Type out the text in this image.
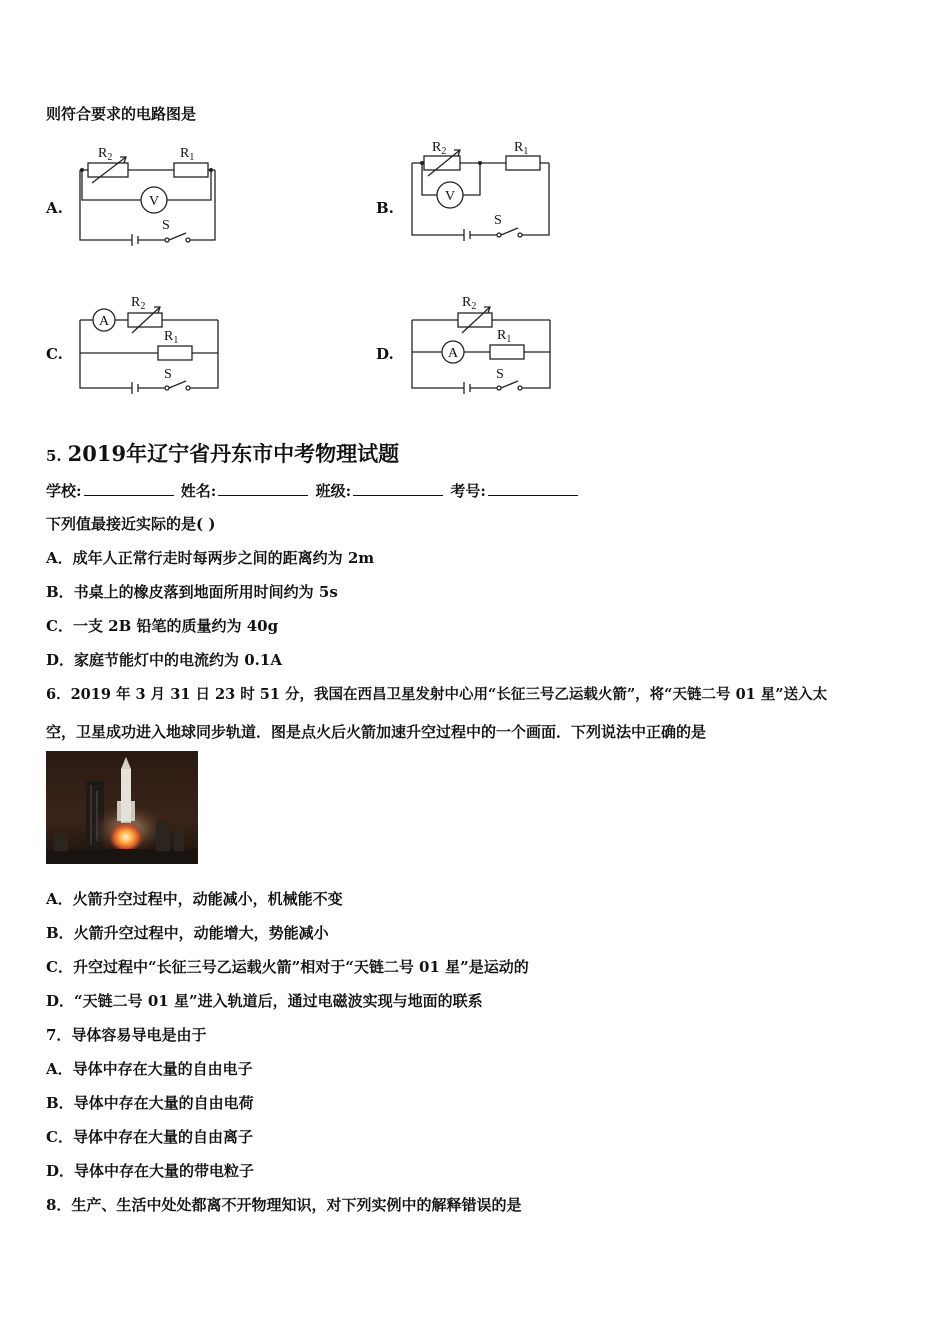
则符合要求的电路图是
A.	B.
C.	D.
$R_2$	$R_1$
V
S
$R_2$	$R_1$
V
S
$R_2$
$R_1$
A
S
$R_2$
$R_1$
A
S
5. 2019年辽宁省丹东市中考物理试题
学校:	姓名:	班级:	考号:
下列值最接近实际的是( )
A．成年人正常行走时每两步之间的距离约为 2m
B．书桌上的橡皮落到地面所用时间约为 5s
C．一支 2B 铅笔的质量约为 40g
D．家庭节能灯中的电流约为 0.1A
6．2019 年 3 月 31 日 23 时 51 分，我国在西昌卫星发射中心用“长征三号乙运载火箭”，将“天链二号 01 星”送入太
空，卫星成功进入地球同步轨道．图是点火后火箭加速升空过程中的一个画面．下列说法中正确的是
A．火箭升空过程中，动能减小，机械能不变
B．火箭升空过程中，动能增大，势能减小
C．升空过程中“长征三号乙运载火箭”相对于“天链二号 01 星”是运动的
D．“天链二号 01 星”进入轨道后，通过电磁波实现与地面的联系
7．导体容易导电是由于
A．导体中存在大量的自由电子
B．导体中存在大量的自由电荷
C．导体中存在大量的自由离子
D．导体中存在大量的带电粒子
8．生产、生活中处处都离不开物理知识，对下列实例中的解释错误的是
